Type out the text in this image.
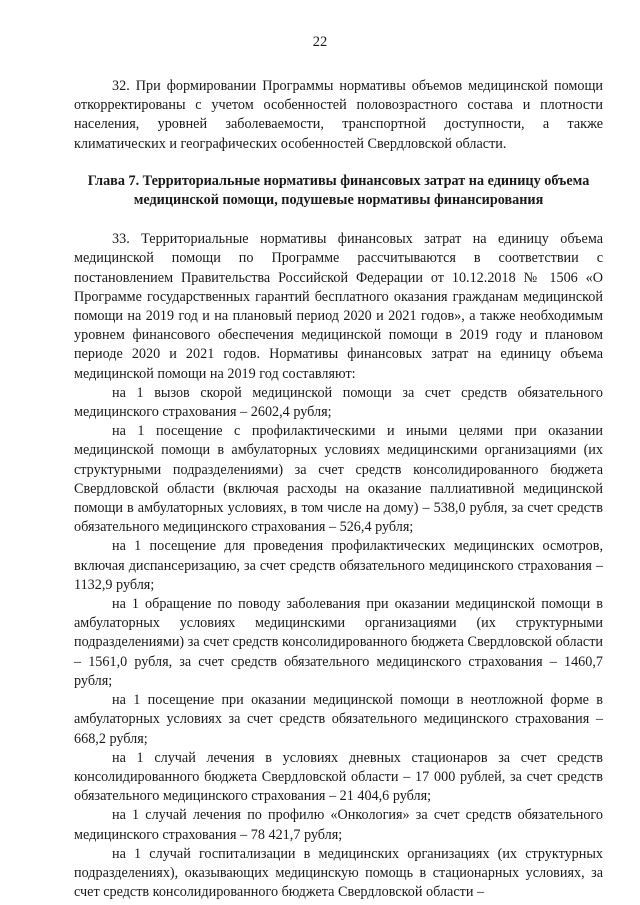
22

32. При формировании Программы нормативы объемов медицинской помощи откорректированы с учетом особенностей половозрастного состава и плотности населения, уровней заболеваемости, транспортной доступности, а также климатических и географических особенностей Свердловской области.

Глава 7. Территориальные нормативы финансовых затрат на единицу объема медицинской помощи, подушевые нормативы финансирования

33. Территориальные нормативы финансовых затрат на единицу объема медицинской помощи по Программе рассчитываются в соответствии с постановлением Правительства Российской Федерации от 10.12.2018 № 1506 «О Программе государственных гарантий бесплатного оказания гражданам медицинской помощи на 2019 год и на плановый период 2020 и 2021 годов», а также необходимым уровнем финансового обеспечения медицинской помощи в 2019 году и плановом периоде 2020 и 2021 годов. Нормативы финансовых затрат на единицу объема медицинской помощи на 2019 год составляют:

на 1 вызов скорой медицинской помощи за счет средств обязательного медицинского страхования – 2602,4 рубля;

на 1 посещение с профилактическими и иными целями при оказании медицинской помощи в амбулаторных условиях медицинскими организациями (их структурными подразделениями) за счет средств консолидированного бюджета Свердловской области (включая расходы на оказание паллиативной медицинской помощи в амбулаторных условиях, в том числе на дому) – 538,0 рубля, за счет средств обязательного медицинского страхования – 526,4 рубля;

на 1 посещение для проведения профилактических медицинских осмотров, включая диспансеризацию, за счет средств обязательного медицинского страхования – 1132,9 рубля;

на 1 обращение по поводу заболевания при оказании медицинской помощи в амбулаторных условиях медицинскими организациями (их структурными подразделениями) за счет средств консолидированного бюджета Свердловской области – 1561,0 рубля, за счет средств обязательного медицинского страхования – 1460,7 рубля;

на 1 посещение при оказании медицинской помощи в неотложной форме в амбулаторных условиях за счет средств обязательного медицинского страхования – 668,2 рубля;

на 1 случай лечения в условиях дневных стационаров за счет средств консолидированного бюджета Свердловской области – 17 000 рублей, за счет средств обязательного медицинского страхования – 21 404,6 рубля;

на 1 случай лечения по профилю «Онкология» за счет средств обязательного медицинского страхования – 78 421,7 рубля;

на 1 случай госпитализации в медицинских организациях (их структурных подразделениях), оказывающих медицинскую помощь в стационарных условиях, за счет средств консолидированного бюджета Свердловской области –
